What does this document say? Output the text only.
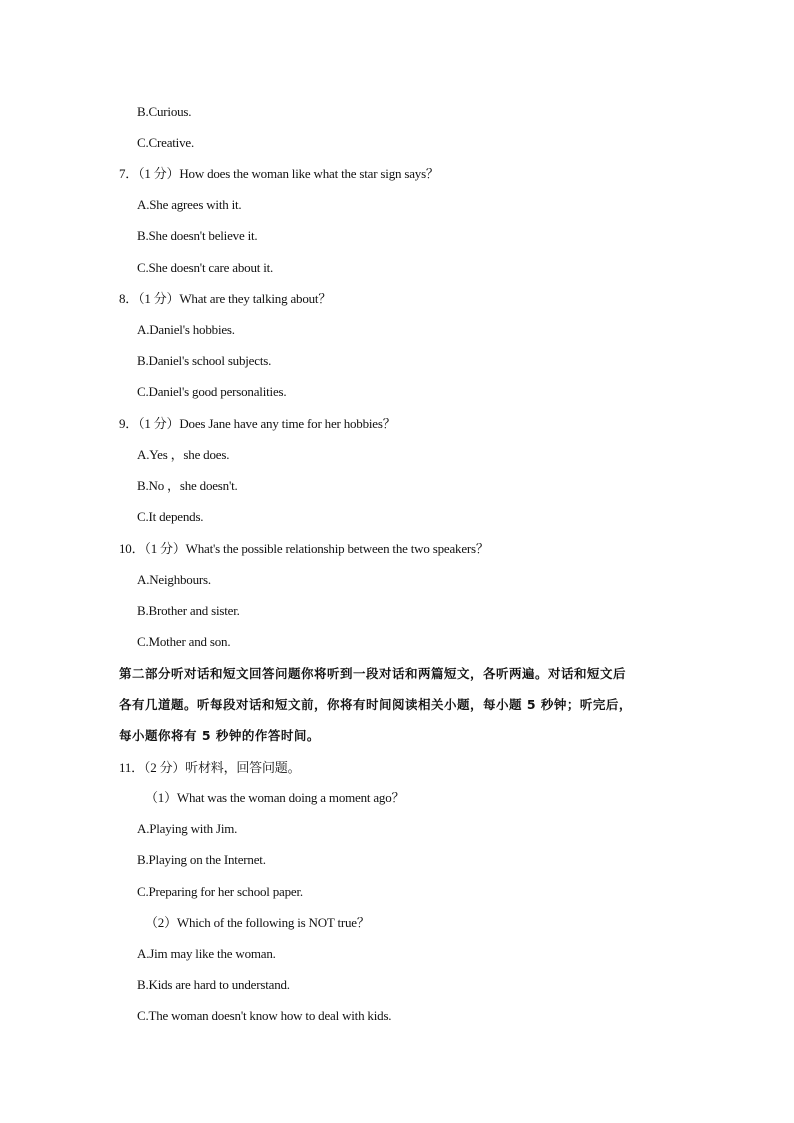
B.Curious.
C.Creative.
7．（1 分）How does the woman like what the star sign says？
A.She agrees with it.
B.She doesn't believe it.
C.She doesn't care about it.
8．（1 分）What are they talking about？
A.Daniel's hobbies.
B.Daniel's school subjects.
C.Daniel's good personalities.
9．（1 分）Does Jane have any time for her hobbies？
A.Yes ，she does.
B.No ，she doesn't.
C.It depends.
10．（1 分）What's the possible relationship between the two speakers？
A.Neighbours.
B.Brother and sister.
C.Mother and son.
第二部分听对话和短文回答问题你将听到一段对话和两篇短文，各听两遍。对话和短文后
各有几道题。听每段对话和短文前，你将有时间阅读相关小题，每小题 5 秒钟；听完后，
每小题你将有 5 秒钟的作答时间。
11．（2 分）听材料，回答问题。
（1）What was the woman doing a moment ago？
A.Playing with Jim.
B.Playing on the Internet.
C.Preparing for her school paper.
（2）Which of the following is NOT true？
A.Jim may like the woman.
B.Kids are hard to understand.
C.The woman doesn't know how to deal with kids.
